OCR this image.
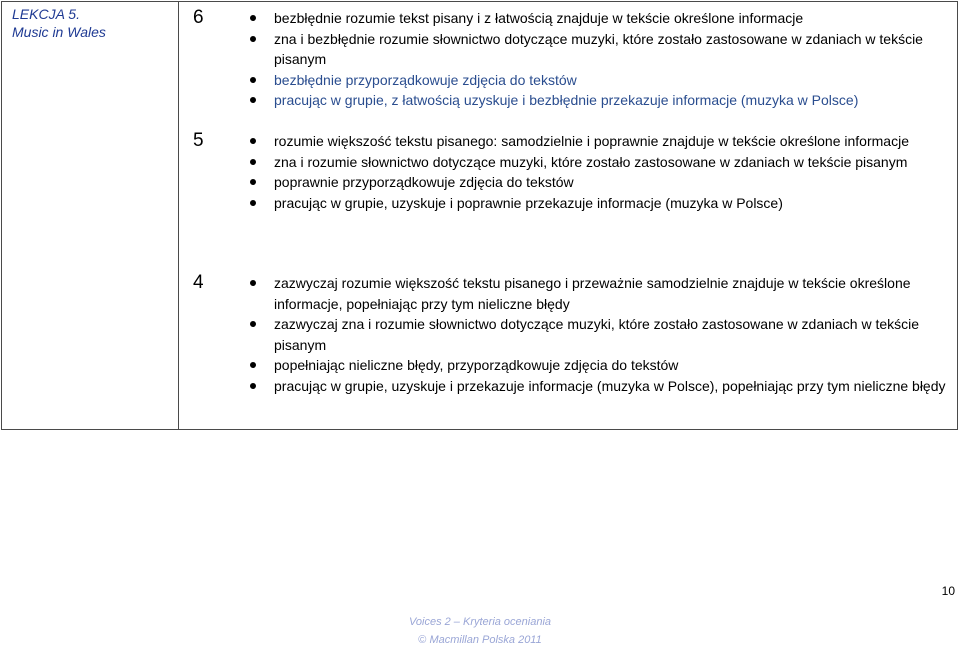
LEKCJA 5.
Music in Wales

6	bezbłędnie rozumie tekst pisany i z łatwością znajduje w tekście określone informacje
zna i bezbłędnie rozumie słownictwo dotyczące muzyki, które zostało zastosowane w zdaniach w tekście pisanym
bezbłędnie przyporządkowuje zdjęcia do tekstów
pracując w grupie, z łatwością uzyskuje i bezbłędnie przekazuje informacje (muzyka w Polsce)
5	rozumie większość tekstu pisanego: samodzielnie i poprawnie znajduje w tekście określone informacje
zna i rozumie słownictwo dotyczące muzyki, które zostało zastosowane w zdaniach w tekście pisanym
poprawnie przyporządkowuje zdjęcia do tekstów
pracując w grupie, uzyskuje i poprawnie przekazuje informacje (muzyka w Polsce)
4	zazwyczaj rozumie większość tekstu pisanego i przeważnie samodzielnie znajduje w tekście określone informacje, popełniając przy tym nieliczne błędy
zazwyczaj zna i rozumie słownictwo dotyczące muzyki, które zostało zastosowane w zdaniach w tekście pisanym
popełniając nieliczne błędy, przyporządkowuje zdjęcia do tekstów
pracując w grupie, uzyskuje i przekazuje informacje (muzyka w Polsce), popełniając przy tym nieliczne błędy
10
Voices 2 – Kryteria oceniania
© Macmillan Polska 2011
